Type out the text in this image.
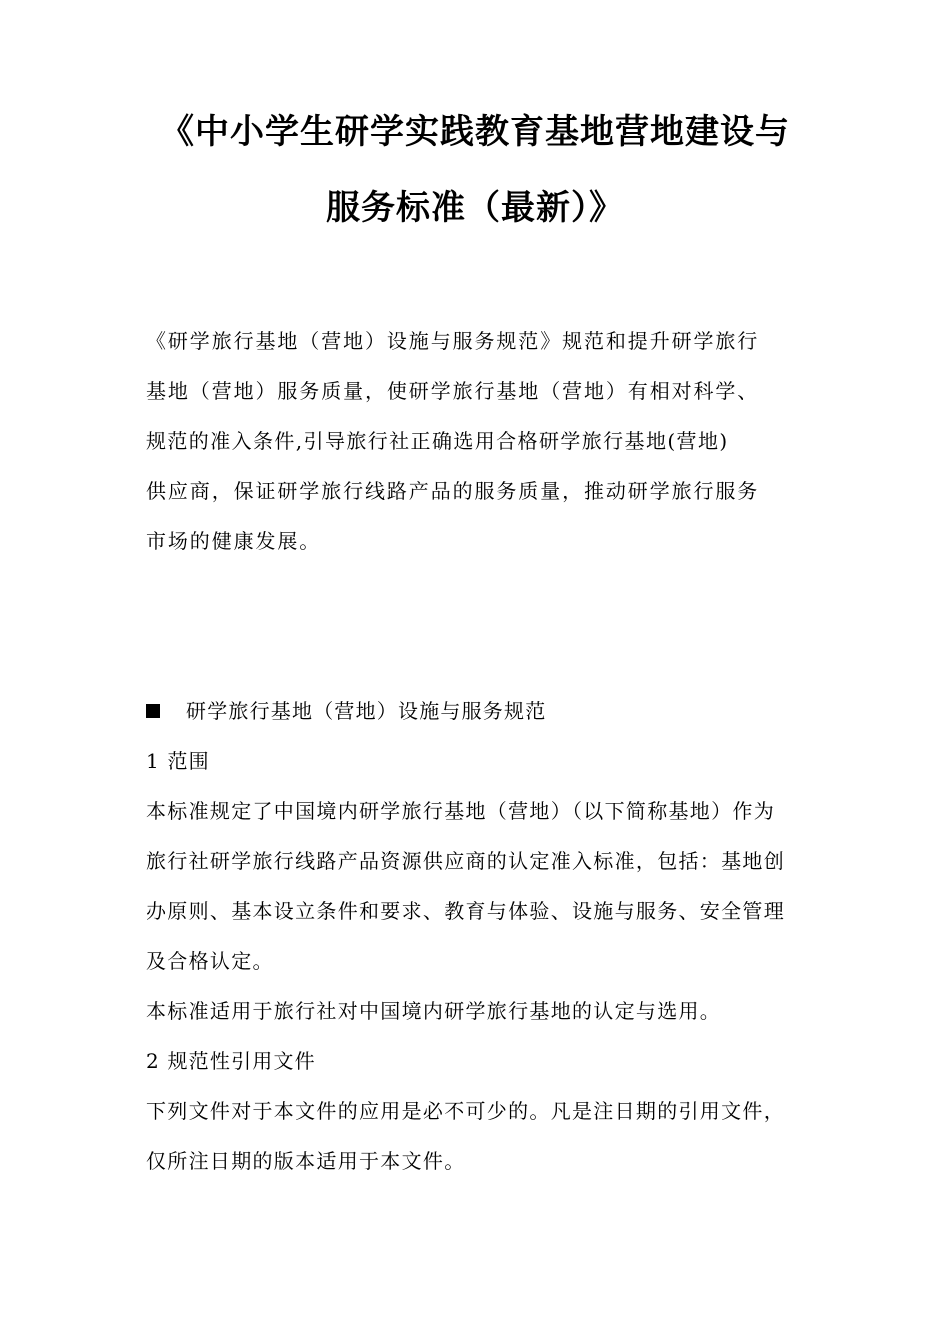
《中小学生研学实践教育基地营地建设与
服务标准（最新）》
《研学旅行基地（营地）设施与服务规范》规范和提升研学旅行
基地（营地）服务质量，使研学旅行基地（营地）有相对科学、
规范的准入条件,引导旅行社正确选用合格研学旅行基地(营地)
供应商，保证研学旅行线路产品的服务质量，推动研学旅行服务
市场的健康发展。
研学旅行基地（营地）设施与服务规范
1 范围
本标准规定了中国境内研学旅行基地（营地）（以下简称基地）作为
旅行社研学旅行线路产品资源供应商的认定准入标准，包括：基地创
办原则、基本设立条件和要求、教育与体验、设施与服务、安全管理
及合格认定。
本标准适用于旅行社对中国境内研学旅行基地的认定与选用。
2 规范性引用文件
下列文件对于本文件的应用是必不可少的。凡是注日期的引用文件，
仅所注日期的版本适用于本文件。
